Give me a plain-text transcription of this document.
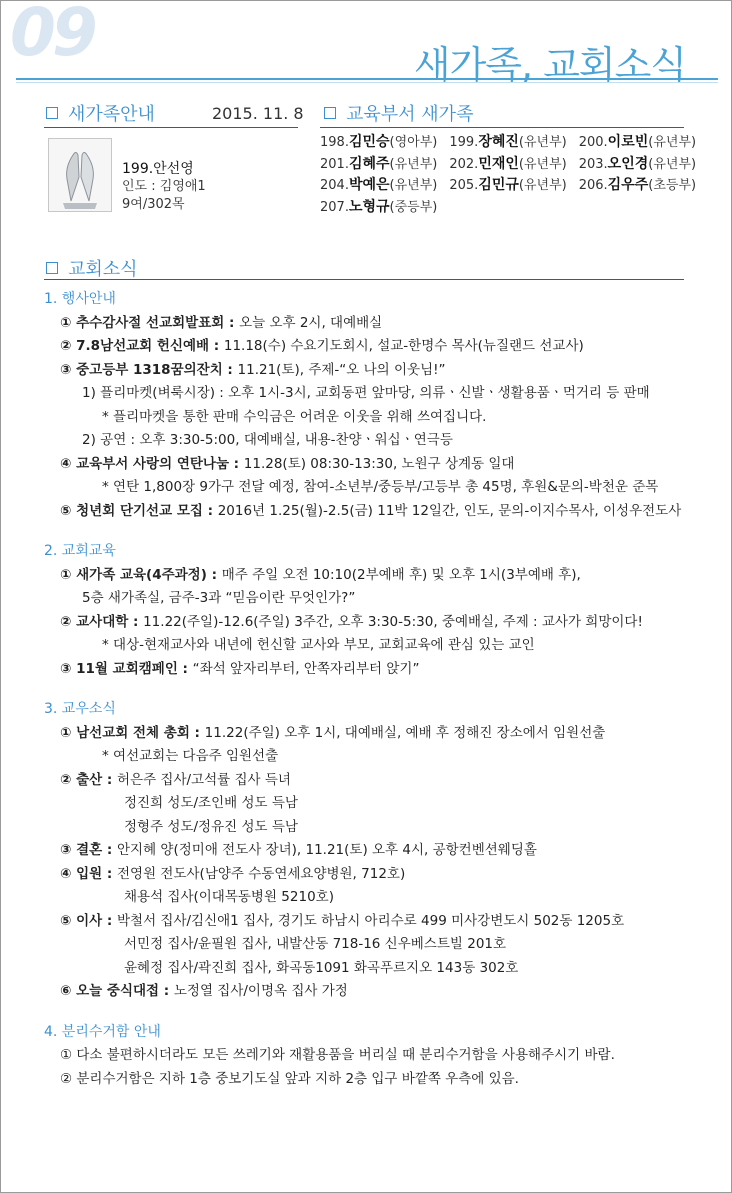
09	새가족, 교회소식
새가족안내	2015. 11. 8
199.안선영
인도 : 김영애1
9여/302목
교육부서 새가족
198.김민승(영아부) 199.장혜진(유년부) 200.이로빈(유년부)
201.김혜주(유년부) 202.민재인(유년부) 203.오인경(유년부)
204.박예은(유년부) 205.김민규(유년부) 206.김우주(초등부)
207.노형규(중등부)
교회소식
1. 행사안내
① 추수감사절 선교회발표회 : 오늘 오후 2시, 대예배실
② 7.8남선교회 헌신예배 : 11.18(수) 수요기도회시, 설교-한명수 목사(뉴질랜드 선교사)
③ 중고등부 1318꿈의잔치 : 11.21(토), 주제-“오 나의 이웃님!”
1) 플리마켓(벼룩시장) : 오후 1시-3시, 교회동편 앞마당, 의류ㆍ신발ㆍ생활용품ㆍ먹거리 등 판매
* 플리마켓을 통한 판매 수익금은 어려운 이웃을 위해 쓰여집니다.
2) 공연 : 오후 3:30-5:00, 대예배실, 내용-찬양ㆍ워십ㆍ연극등
④ 교육부서 사랑의 연탄나눔 : 11.28(토) 08:30-13:30, 노원구 상계동 일대
* 연탄 1,800장 9가구 전달 예정, 참여-소년부/중등부/고등부 총 45명, 후원&문의-박천운 준목
⑤ 청년회 단기선교 모집 : 2016년 1.25(월)-2.5(금) 11박 12일간, 인도, 문의-이지수목사, 이성우전도사
2. 교회교육
① 새가족 교육(4주과정) : 매주 주일 오전 10:10(2부예배 후) 및 오후 1시(3부예배 후),
5층 새가족실, 금주-3과 “믿음이란 무엇인가?”
② 교사대학 : 11.22(주일)-12.6(주일) 3주간, 오후 3:30-5:30, 중예배실, 주제 : 교사가 희망이다!
* 대상-현재교사와 내년에 헌신할 교사와 부모, 교회교육에 관심 있는 교인
③ 11월 교회캠페인 : “좌석 앞자리부터, 안쪽자리부터 앉기”
3. 교우소식
① 남선교회 전체 총회 : 11.22(주일) 오후 1시, 대예배실, 예배 후 정해진 장소에서 임원선출
* 여선교회는 다음주 임원선출
② 출산 : 허은주 집사/고석률 집사 득녀
정진희 성도/조인배 성도 득남
정형주 성도/정유진 성도 득남
③ 결혼 : 안지혜 양(정미애 전도사 장녀), 11.21(토) 오후 4시, 공항컨벤션웨딩홀
④ 입원 : 전영원 전도사(남양주 수동연세요양병원, 712호)
채용석 집사(이대목동병원 5210호)
⑤ 이사 : 박철서 집사/김신애1 집사, 경기도 하남시 아리수로 499 미사강변도시 502동 1205호
서민정 집사/윤필원 집사, 내발산동 718-16 신우베스트빌 201호
윤혜정 집사/곽진희 집사, 화곡동1091 화곡푸르지오 143동 302호
⑥ 오늘 중식대접 : 노정열 집사/이명옥 집사 가정
4. 분리수거함 안내
① 다소 불편하시더라도 모든 쓰레기와 재활용품을 버리실 때 분리수거함을 사용해주시기 바람.
② 분리수거함은 지하 1층 중보기도실 앞과 지하 2층 입구 바깥쪽 우측에 있음.
